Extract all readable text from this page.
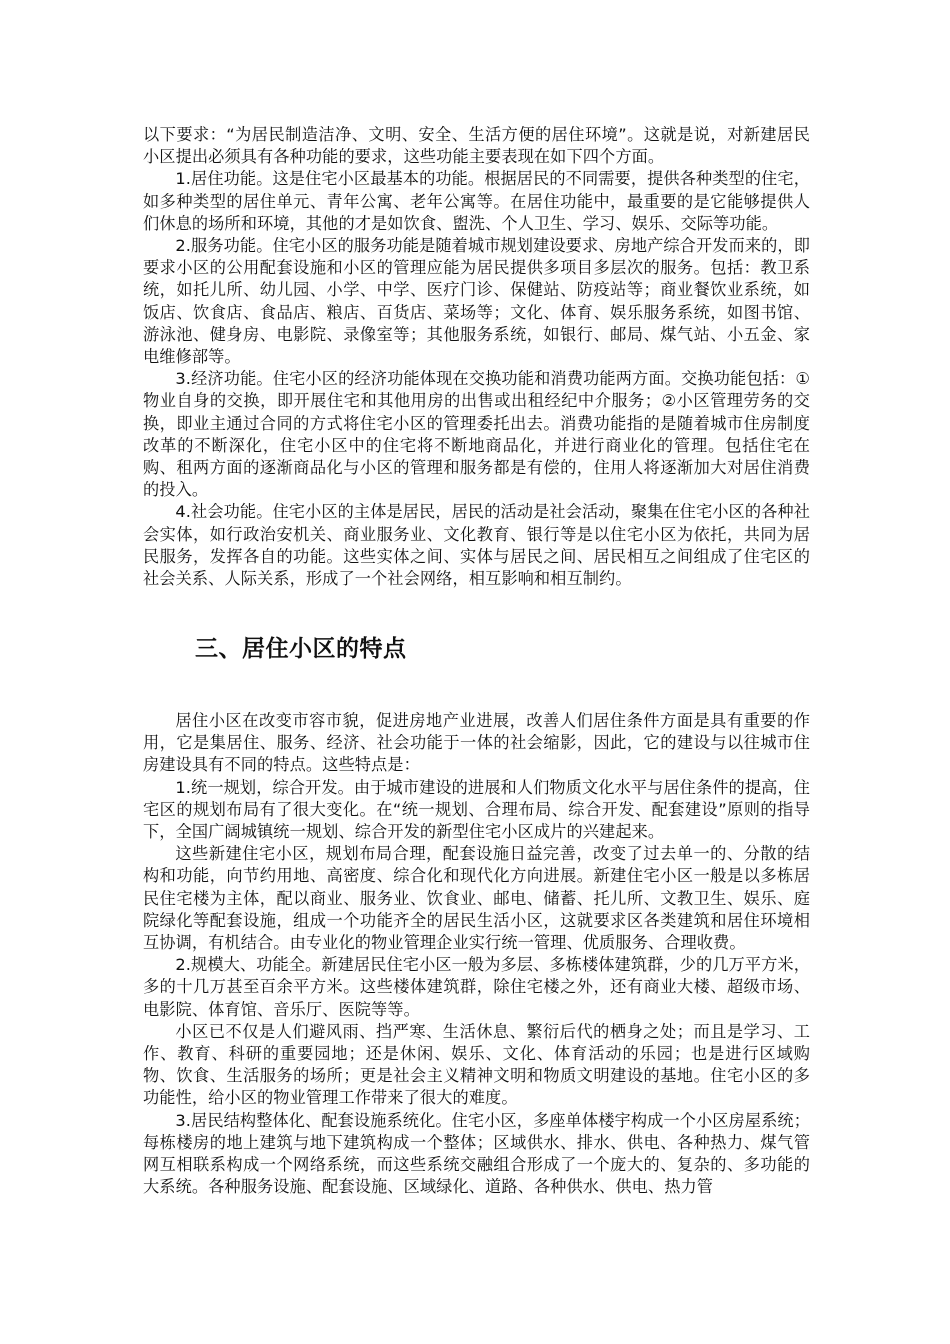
以下要求：“为居民制造洁净、文明、安全、生活方便的居住环境”。这就是说，对新建居民小区提出必须具有各种功能的要求，这些功能主要表现在如下四个方面。

1.居住功能。这是住宅小区最基本的功能。根据居民的不同需要，提供各种类型的住宅，如多种类型的居住单元、青年公寓、老年公寓等。在居住功能中，最重要的是它能够提供人们休息的场所和环境，其他的才是如饮食、盥洗、个人卫生、学习、娱乐、交际等功能。

2.服务功能。住宅小区的服务功能是随着城市规划建设要求、房地产综合开发而来的，即要求小区的公用配套设施和小区的管理应能为居民提供多项目多层次的服务。包括：教卫系统，如托儿所、幼儿园、小学、中学、医疗门诊、保健站、防疫站等；商业餐饮业系统，如饭店、饮食店、食品店、粮店、百货店、菜场等；文化、体育、娱乐服务系统，如图书馆、游泳池、健身房、电影院、录像室等；其他服务系统，如银行、邮局、煤气站、小五金、家电维修部等。

3.经济功能。住宅小区的经济功能体现在交换功能和消费功能两方面。交换功能包括：①物业自身的交换，即开展住宅和其他用房的出售或出租经纪中介服务；②小区管理劳务的交换，即业主通过合同的方式将住宅小区的管理委托出去。消费功能指的是随着城市住房制度改革的不断深化，住宅小区中的住宅将不断地商品化，并进行商业化的管理。包括住宅在购、租两方面的逐渐商品化与小区的管理和服务都是有偿的，住用人将逐渐加大对居住消费的投入。

4.社会功能。住宅小区的主体是居民，居民的活动是社会活动，聚集在住宅小区的各种社会实体，如行政治安机关、商业服务业、文化教育、银行等是以住宅小区为依托，共同为居民服务，发挥各自的功能。这些实体之间、实体与居民之间、居民相互之间组成了住宅区的社会关系、人际关系，形成了一个社会网络，相互影响和相互制约。

三、居住小区的特点

居住小区在改变市容市貌，促进房地产业进展，改善人们居住条件方面是具有重要的作用，它是集居住、服务、经济、社会功能于一体的社会缩影，因此，它的建设与以往城市住房建设具有不同的特点。这些特点是：

1.统一规划，综合开发。由于城市建设的进展和人们物质文化水平与居住条件的提高，住宅区的规划布局有了很大变化。在“统一规划、合理布局、综合开发、配套建设”原则的指导下，全国广阔城镇统一规划、综合开发的新型住宅小区成片的兴建起来。

这些新建住宅小区，规划布局合理，配套设施日益完善，改变了过去单一的、分散的结构和功能，向节约用地、高密度、综合化和现代化方向进展。新建住宅小区一般是以多栋居民住宅楼为主体，配以商业、服务业、饮食业、邮电、储蓄、托儿所、文教卫生、娱乐、庭院绿化等配套设施，组成一个功能齐全的居民生活小区，这就要求区各类建筑和居住环境相互协调，有机结合。由专业化的物业管理企业实行统一管理、优质服务、合理收费。

2.规模大、功能全。新建居民住宅小区一般为多层、多栋楼体建筑群，少的几万平方米，多的十几万甚至百余平方米。这些楼体建筑群，除住宅楼之外，还有商业大楼、超级市场、电影院、体育馆、音乐厅、医院等等。

小区已不仅是人们避风雨、挡严寒、生活休息、繁衍后代的栖身之处；而且是学习、工作、教育、科研的重要园地；还是休闲、娱乐、文化、体育活动的乐园；也是进行区域购物、饮食、生活服务的场所；更是社会主义精神文明和物质文明建设的基地。住宅小区的多功能性，给小区的物业管理工作带来了很大的难度。

3.居民结构整体化、配套设施系统化。住宅小区，多座单体楼宇构成一个小区房屋系统；每栋楼房的地上建筑与地下建筑构成一个整体；区域供水、排水、供电、各种热力、煤气管网互相联系构成一个网络系统，而这些系统交融组合形成了一个庞大的、复杂的、多功能的大系统。各种服务设施、配套设施、区域绿化、道路、各种供水、供电、热力管
